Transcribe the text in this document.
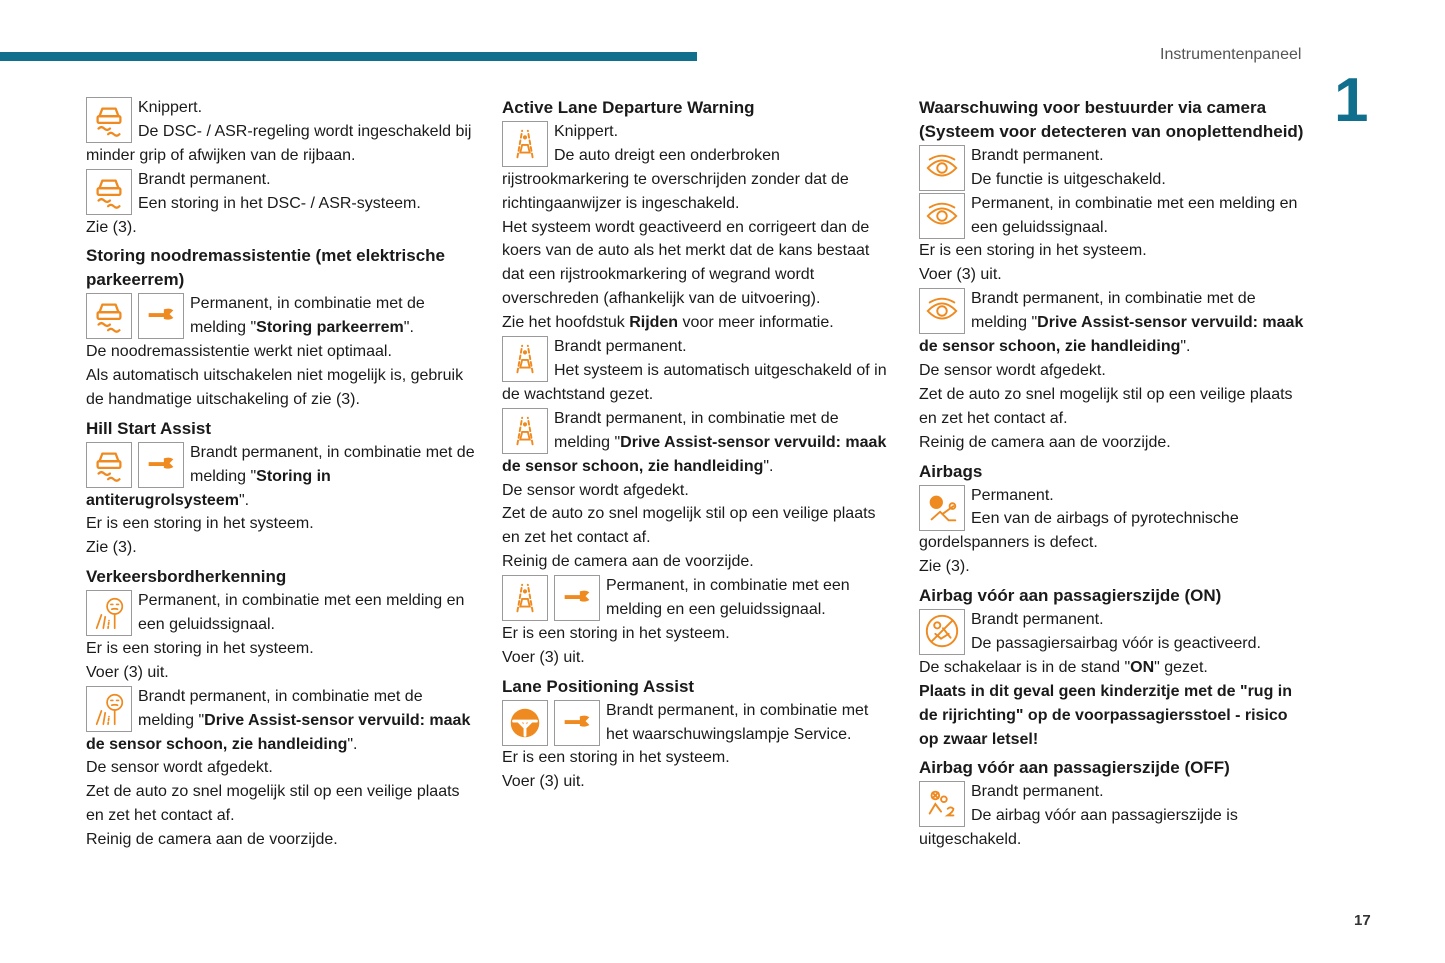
Instrumentenpaneel
1
17
Knippert.
De DSC- / ASR-regeling wordt ingeschakeld bij minder grip of afwijken van de rijbaan.
Brandt permanent.
Een storing in het DSC- / ASR-systeem.
Zie (3).
Storing noodremassistentie (met elektrische parkeerrem)
Permanent, in combinatie met de melding "Storing parkeerrem".
De noodremassistentie werkt niet optimaal.
Als automatisch uitschakelen niet mogelijk is, gebruik de handmatige uitschakeling of zie (3).
Hill Start Assist
Brandt permanent, in combinatie met de melding "Storing in antiterugrolsysteem".
Er is een storing in het systeem.
Zie (3).
Verkeersbordherkenning
Permanent, in combinatie met een melding en een geluidssignaal.
Er is een storing in het systeem.
Voer (3) uit.
Brandt permanent, in combinatie met de melding "Drive Assist-sensor vervuild: maak de sensor schoon, zie handleiding".
De sensor wordt afgedekt.
Zet de auto zo snel mogelijk stil op een veilige plaats en zet het contact af.
Reinig de camera aan de voorzijde.
Active Lane Departure Warning
Knippert.
De auto dreigt een onderbroken rijstrookmarkering te overschrijden zonder dat de richtingaanwijzer is ingeschakeld.
Het systeem wordt geactiveerd en corrigeert dan de koers van de auto als het merkt dat de kans bestaat dat een rijstrookmarkering of wegrand wordt overschreden (afhankelijk van de uitvoering).
Zie het hoofdstuk Rijden voor meer informatie.
Brandt permanent.
Het systeem is automatisch uitgeschakeld of in de wachtstand gezet.
Brandt permanent, in combinatie met de melding "Drive Assist-sensor vervuild: maak de sensor schoon, zie handleiding".
De sensor wordt afgedekt.
Zet de auto zo snel mogelijk stil op een veilige plaats en zet het contact af.
Reinig de camera aan de voorzijde.
Permanent, in combinatie met een melding en een geluidssignaal.
Er is een storing in het systeem.
Voer (3) uit.
Lane Positioning Assist
Brandt permanent, in combinatie met het waarschuwingslampje Service.
Er is een storing in het systeem.
Voer (3) uit.
Waarschuwing voor bestuurder via camera (Systeem voor detecteren van onoplettendheid)
Brandt permanent.
De functie is uitgeschakeld.
Permanent, in combinatie met een melding en een geluidssignaal.
Er is een storing in het systeem.
Voer (3) uit.
Brandt permanent, in combinatie met de melding "Drive Assist-sensor vervuild: maak de sensor schoon, zie handleiding".
De sensor wordt afgedekt.
Zet de auto zo snel mogelijk stil op een veilige plaats en zet het contact af.
Reinig de camera aan de voorzijde.
Airbags
Permanent.
Een van de airbags of pyrotechnische gordelspanners is defect.
Zie (3).
Airbag vóór aan passagierszijde (ON)
Brandt permanent.
De passagiersairbag vóór is geactiveerd.
De schakelaar is in de stand "ON" gezet.
Plaats in dit geval geen kinderzitje met de "rug in de rijrichting" op de voorpassagiersstoel - risico op zwaar letsel!
Airbag vóór aan passagierszijde (OFF)
Brandt permanent.
De airbag vóór aan passagierszijde is uitgeschakeld.
